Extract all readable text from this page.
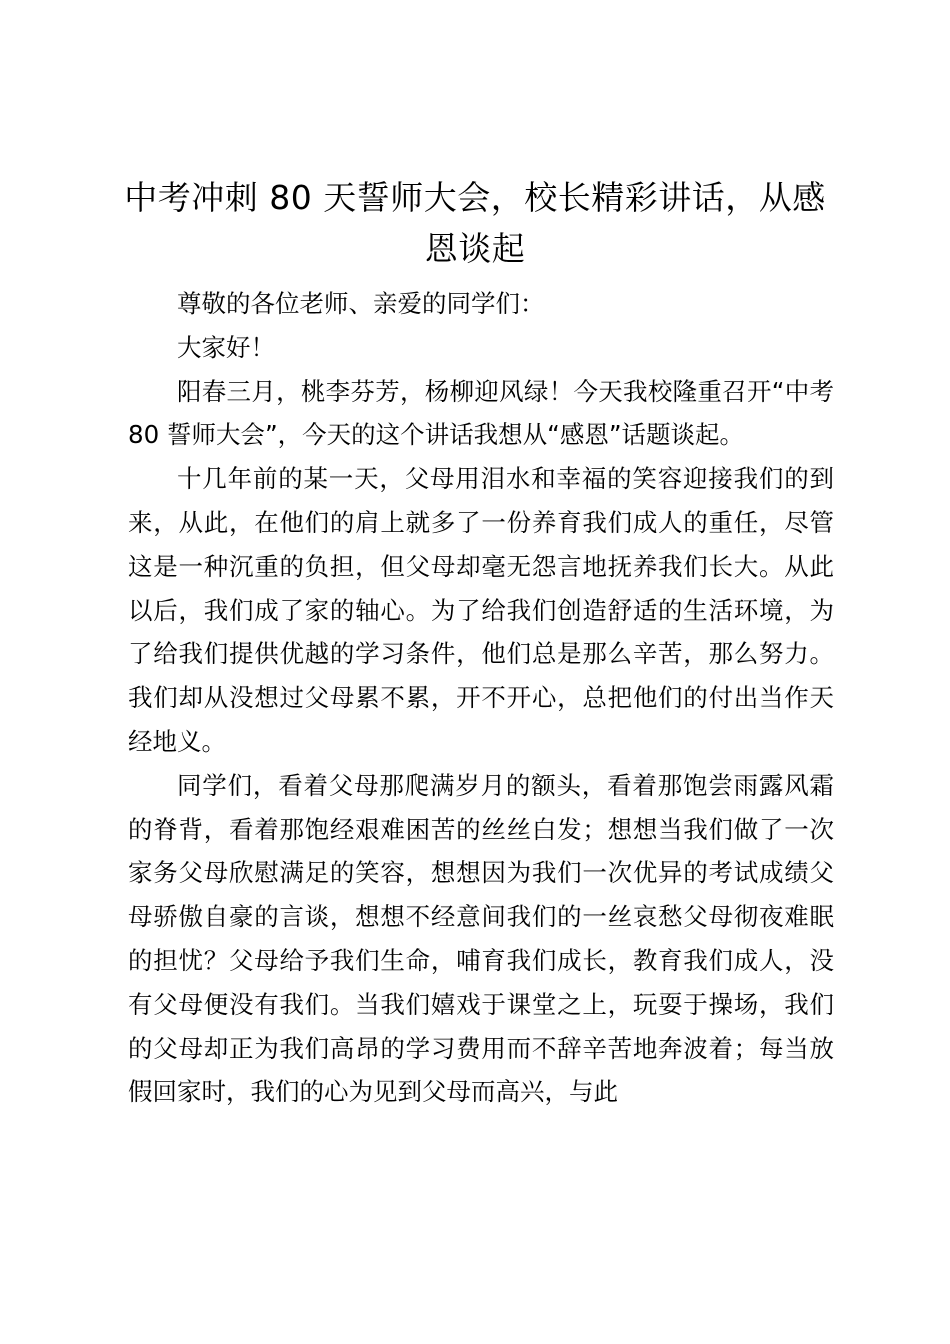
中考冲刺 80 天誓师大会，校长精彩讲话，从感恩谈起

尊敬的各位老师、亲爱的同学们：

大家好！

阳春三月，桃李芬芳，杨柳迎风绿！今天我校隆重召开“中考 80 誓师大会”，今天的这个讲话我想从“感恩”话题谈起。

十几年前的某一天，父母用泪水和幸福的笑容迎接我们的到来，从此，在他们的肩上就多了一份养育我们成人的重任，尽管这是一种沉重的负担，但父母却毫无怨言地抚养我们长大。从此以后，我们成了家的轴心。为了给我们创造舒适的生活环境，为了给我们提供优越的学习条件，他们总是那么辛苦，那么努力。我们却从没想过父母累不累，开不开心，总把他们的付出当作天经地义。

同学们，看着父母那爬满岁月的额头，看着那饱尝雨露风霜的脊背，看着那饱经艰难困苦的丝丝白发；想想当我们做了一次家务父母欣慰满足的笑容，想想因为我们一次优异的考试成绩父母骄傲自豪的言谈，想想不经意间我们的一丝哀愁父母彻夜难眠的担忧？父母给予我们生命，哺育我们成长，教育我们成人，没有父母便没有我们。当我们嬉戏于课堂之上，玩耍于操场，我们的父母却正为我们高昂的学习费用而不辞辛苦地奔波着；每当放假回家时，我们的心为见到父母而高兴，与此
